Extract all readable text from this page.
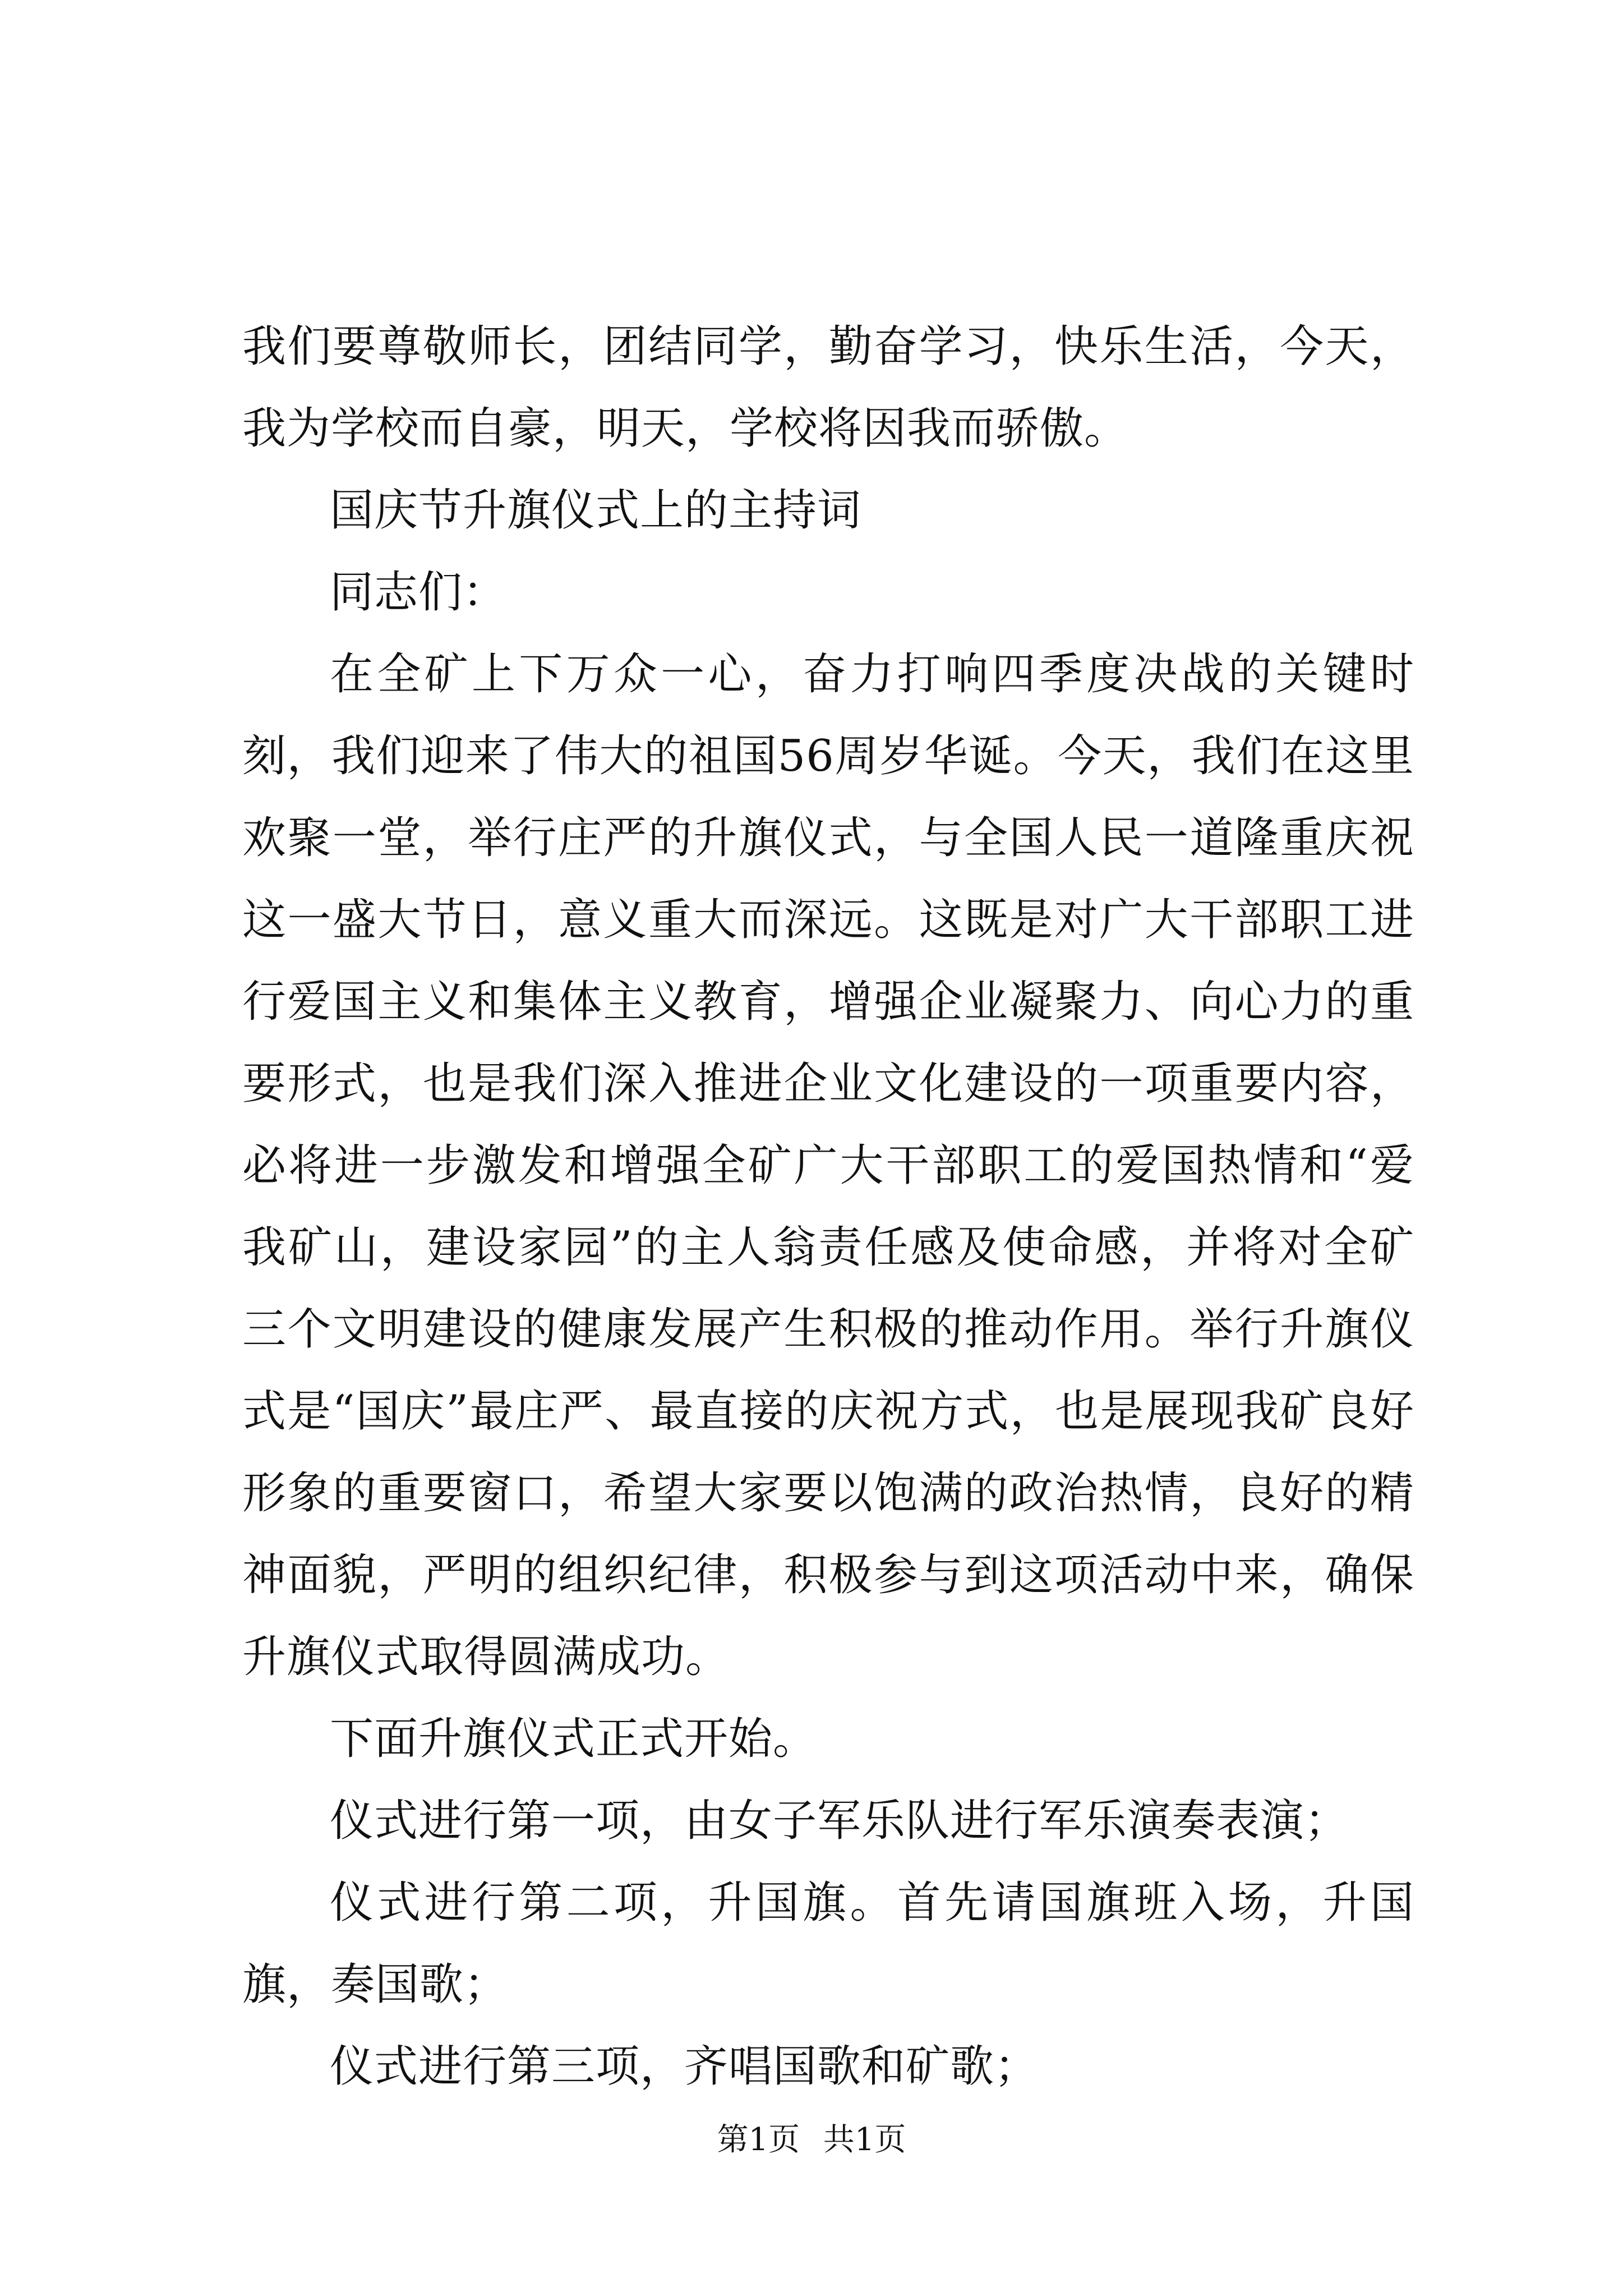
我们要尊敬师长，团结同学，勤奋学习，快乐生活，今天，我为学校而自豪，明天，学校将因我而骄傲。

国庆节升旗仪式上的主持词

同志们：

在全矿上下万众一心，奋力打响四季度决战的关键时刻，我们迎来了伟大的祖国56周岁华诞。今天，我们在这里欢聚一堂，举行庄严的升旗仪式，与全国人民一道隆重庆祝这一盛大节日，意义重大而深远。这既是对广大干部职工进行爱国主义和集体主义教育，增强企业凝聚力、向心力的重要形式，也是我们深入推进企业文化建设的一项重要内容，必将进一步激发和增强全矿广大干部职工的爱国热情和“爱我矿山，建设家园”的主人翁责任感及使命感，并将对全矿三个文明建设的健康发展产生积极的推动作用。举行升旗仪式是“国庆”最庄严、最直接的庆祝方式，也是展现我矿良好形象的重要窗口，希望大家要以饱满的政治热情，良好的精神面貌，严明的组织纪律，积极参与到这项活动中来，确保升旗仪式取得圆满成功。

下面升旗仪式正式开始。

仪式进行第一项，由女子军乐队进行军乐演奏表演；

仪式进行第二项，升国旗。首先请国旗班入场，升国旗，奏国歌；

仪式进行第三项，齐唱国歌和矿歌；

第1页 共1页
